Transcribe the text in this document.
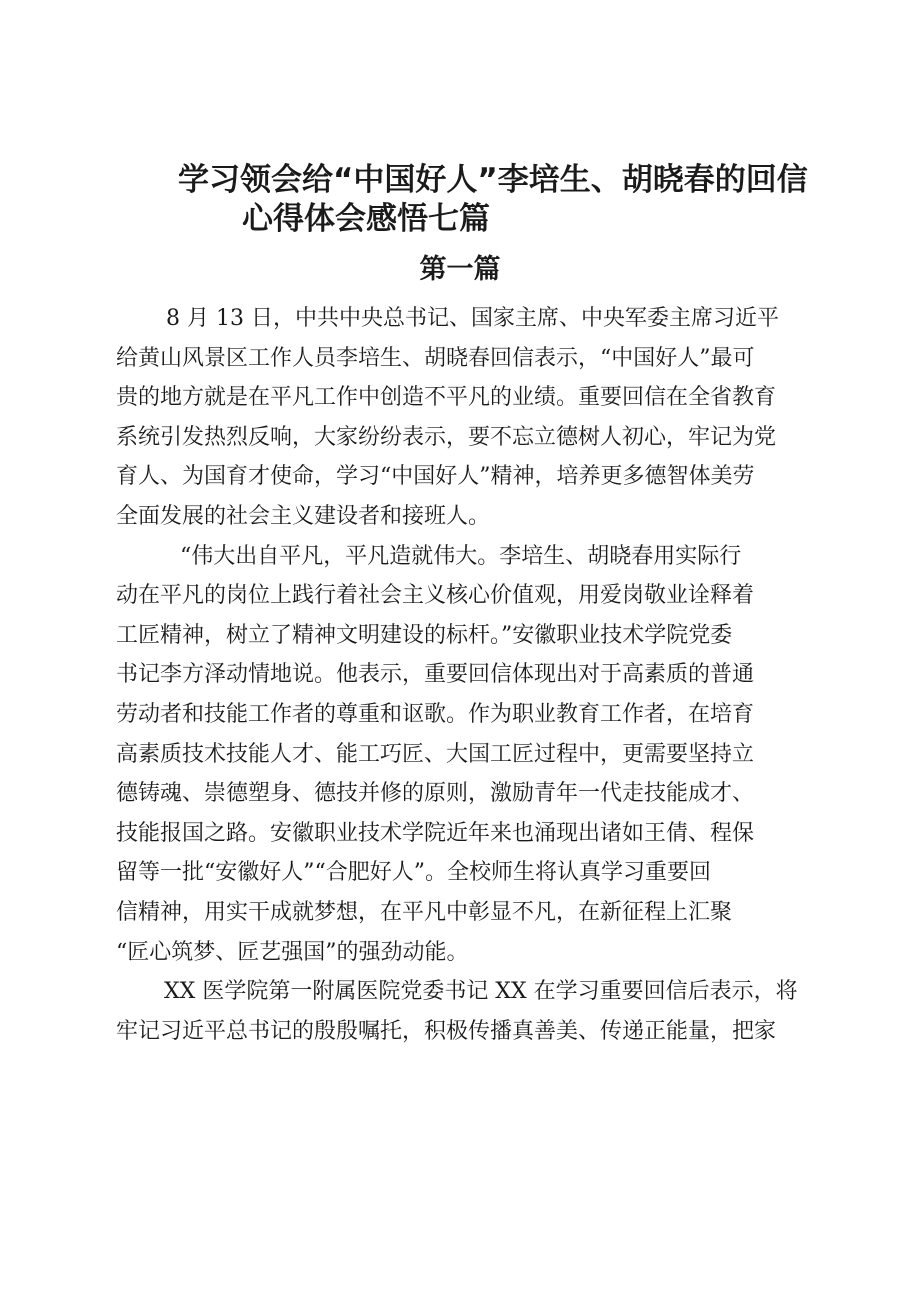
学习领会给“中国好人”李培生、胡晓春的回信
心得体会感悟七篇
第一篇

8 月 13 日，中共中央总书记、国家主席、中央军委主席习近平
给黄山风景区工作人员李培生、胡晓春回信表示，“中国好人”最可
贵的地方就是在平凡工作中创造不平凡的业绩。重要回信在全省教育
系统引发热烈反响，大家纷纷表示，要不忘立德树人初心，牢记为党
育人、为国育才使命，学习“中国好人”精神，培养更多德智体美劳
全面发展的社会主义建设者和接班人。

“伟大出自平凡，平凡造就伟大。李培生、胡晓春用实际行
动在平凡的岗位上践行着社会主义核心价值观，用爱岗敬业诠释着
工匠精神，树立了精神文明建设的标杆。”安徽职业技术学院党委
书记李方泽动情地说。他表示，重要回信体现出对于高素质的普通
劳动者和技能工作者的尊重和讴歌。作为职业教育工作者，在培育
高素质技术技能人才、能工巧匠、大国工匠过程中，更需要坚持立
德铸魂、崇德塑身、德技并修的原则，激励青年一代走技能成才、
技能报国之路。安徽职业技术学院近年来也涌现出诸如王倩、程保
留等一批“安徽好人”“合肥好人”。全校师生将认真学习重要回
信精神，用实干成就梦想，在平凡中彰显不凡，在新征程上汇聚
“匠心筑梦、匠艺强国”的强劲动能。

XX 医学院第一附属医院党委书记 XX 在学习重要回信后表示，将
牢记习近平总书记的殷殷嘱托，积极传播真善美、传递正能量，把家
